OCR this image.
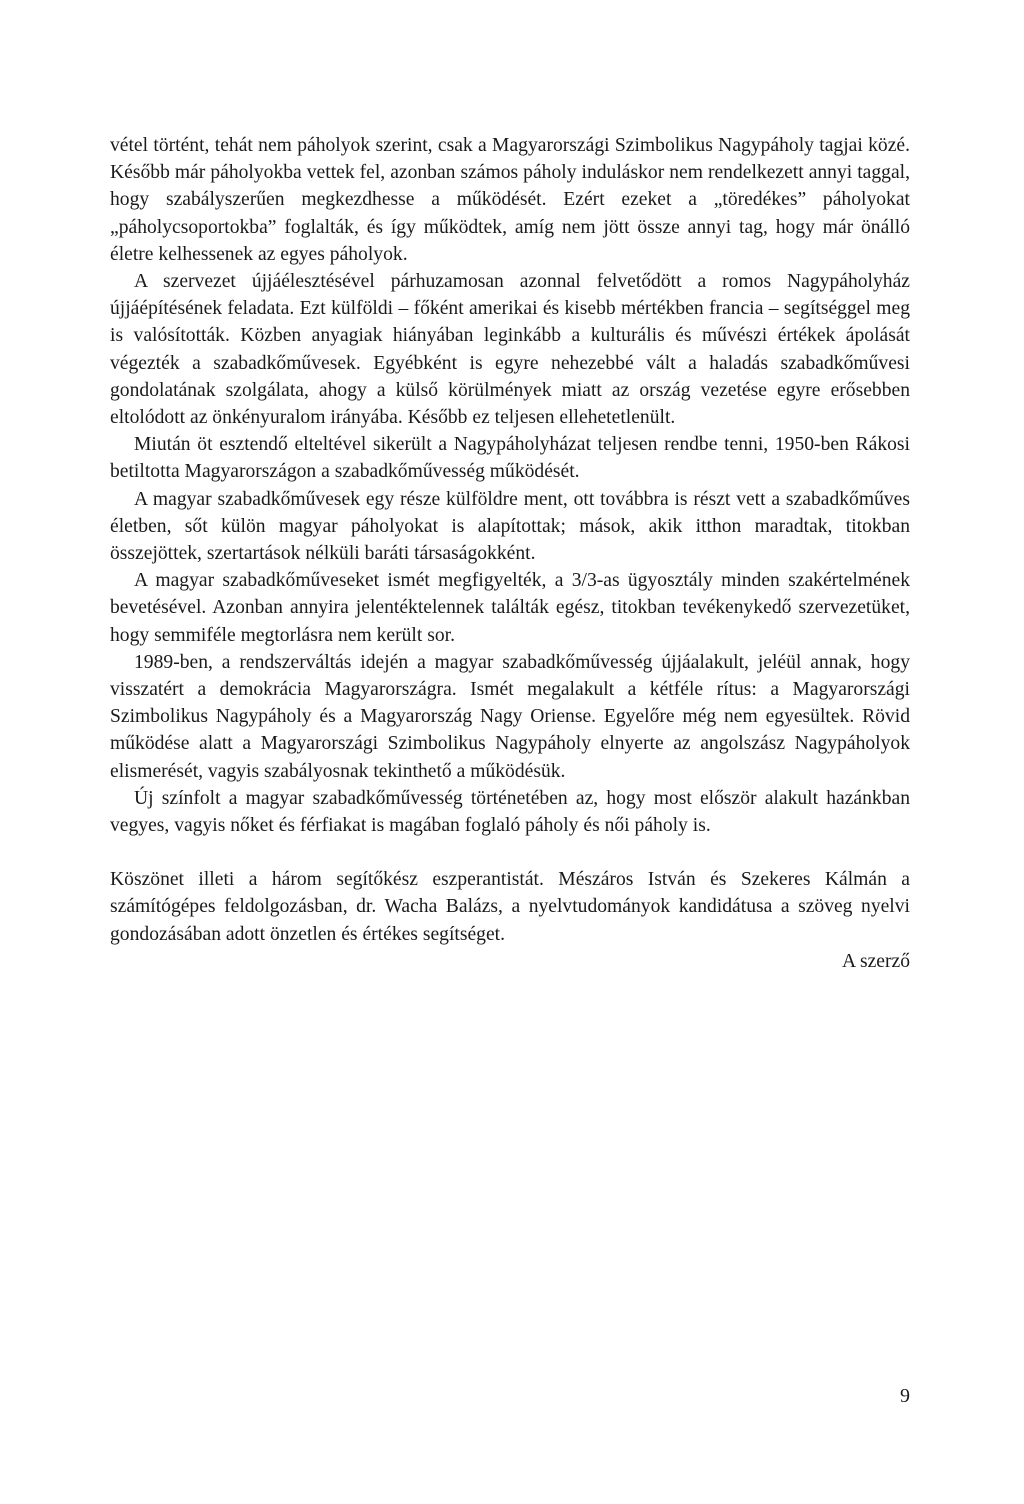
vétel történt, tehát nem páholyok szerint, csak a Magyarországi Szimbolikus Nagypáholy tagjai közé. Később már páholyokba vettek fel, azonban számos páholy induláskor nem rendelkezett annyi taggal, hogy szabályszerűen megkezdhesse a működését. Ezért ezeket a „töredékes” páholyokat „páholycsoportokba” foglalták, és így működtek, amíg nem jött össze annyi tag, hogy már önálló életre kelhessenek az egyes páholyok.

A szervezet újjáélesztésével párhuzamosan azonnal felvetődött a romos Nagypáholyház újjáépítésének feladata. Ezt külföldi – főként amerikai és kisebb mértékben francia – segítséggel meg is valósították. Közben anyagiak hiányában leginkább a kulturális és művészi értékek ápolását végezték a szabadkőművesek. Egyébként is egyre nehezebbé vált a haladás szabadkőművesi gondolatának szolgálata, ahogy a külső körülmények miatt az ország vezetése egyre erősebben eltolódott az önkényuralom irányába. Később ez teljesen ellehetetlenült.

Miután öt esztendő elteltével sikerült a Nagypáholyházat teljesen rendbe tenni, 1950-ben Rákosi betiltotta Magyarországon a szabadkőművesség működését.

A magyar szabadkőművesek egy része külföldre ment, ott továbbra is részt vett a szabadkőműves életben, sőt külön magyar páholyokat is alapítottak; mások, akik itthon maradtak, titokban összejöttek, szertartások nélküli baráti társaságokként.

A magyar szabadkőműveseket ismét megfigyelték, a 3/3-as ügyosztály minden szakértelmének bevetésével. Azonban annyira jelentéktelennek találták egész, titokban tevékenykedő szervezetüket, hogy semmiféle megtorlásra nem került sor.

1989-ben, a rendszerváltás idején a magyar szabadkőművesség újjáalakult, jeléül annak, hogy visszatért a demokrácia Magyarországra. Ismét megalakult a kétféle rítus: a Magyarországi Szimbolikus Nagypáholy és a Magyarország Nagy Oriense. Egyelőre még nem egyesültek. Rövid működése alatt a Magyarországi Szimbolikus Nagypáholy elnyerte az angolszász Nagypáholyok elismerését, vagyis szabályosnak tekinthető a működésük.

Új színfolt a magyar szabadkőművesség történetében az, hogy most először alakult hazánkban vegyes, vagyis nőket és férfiakat is magában foglaló páholy és női páholy is.

Köszönet illeti a három segítőkész eszperantistát. Mészáros István és Szekeres Kálmán a számítógépes feldolgozásban, dr. Wacha Balázs, a nyelvtudományok kandidátusa a szöveg nyelvi gondozásában adott önzetlen és értékes segítséget.

A szerző

9
